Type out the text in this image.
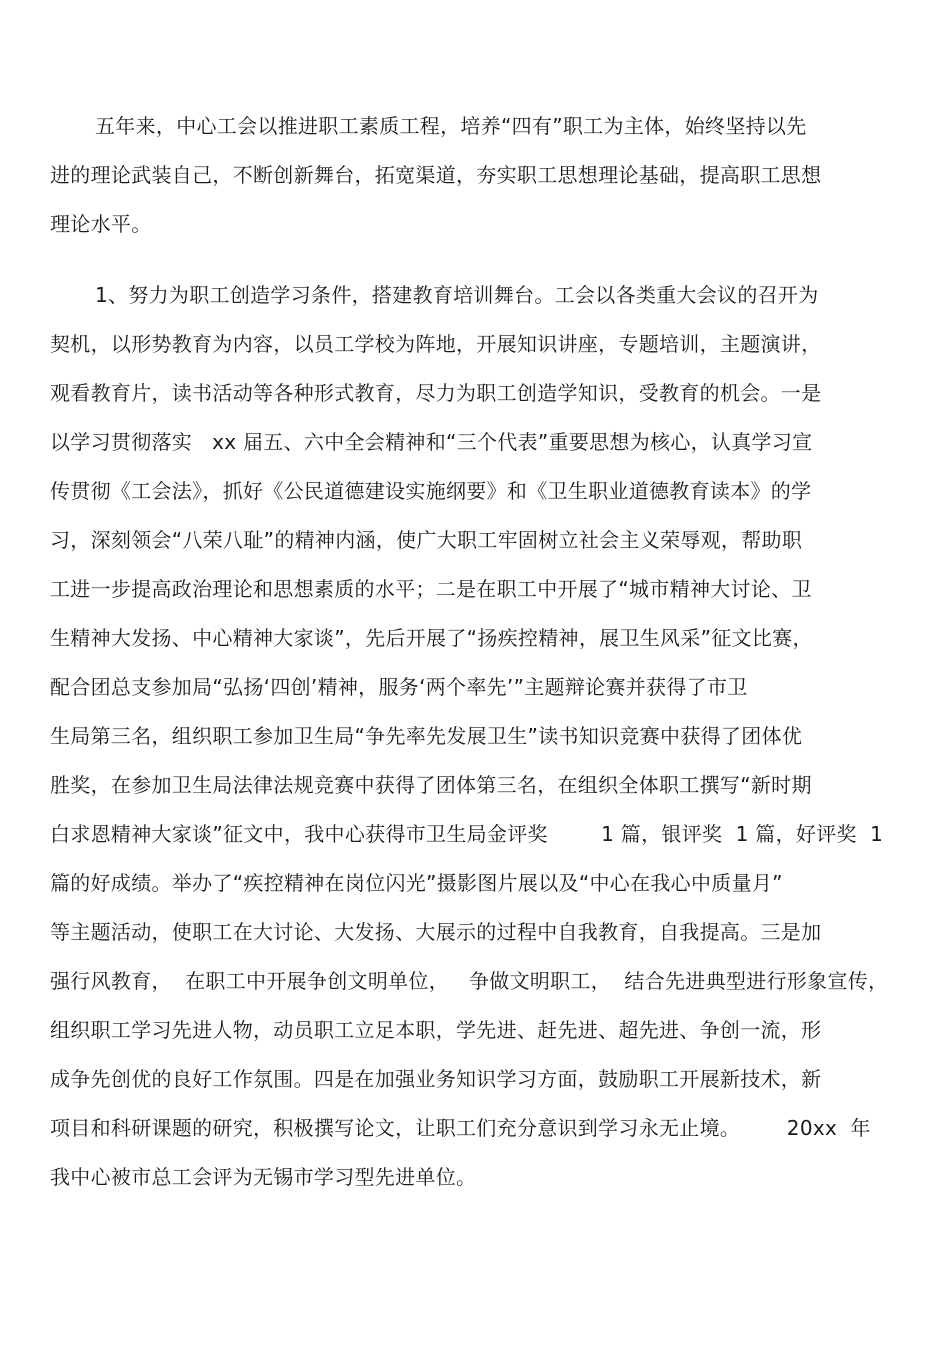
五年来，中心工会以推进职工素质工程，培养“四有”职工为主体，始终坚持以先
进的理论武装自己，不断创新舞台，拓宽渠道，夯实职工思想理论基础，提高职工思想
理论水平。
1、努力为职工创造学习条件，搭建教育培训舞台。工会以各类重大会议的召开为
契机，以形势教育为内容，以员工学校为阵地，开展知识讲座，专题培训，主题演讲，
观看教育片，读书活动等各种形式教育，尽力为职工创造学知识，受教育的机会。一是
以学习贯彻落实   xx 届五、六中全会精神和“三个代表”重要思想为核心，认真学习宣
传贯彻《工会法》，抓好《公民道德建设实施纲要》和《卫生职业道德教育读本》的学
习，深刻领会“八荣八耻”的精神内涵，使广大职工牢固树立社会主义荣辱观，帮助职
工进一步提高政治理论和思想素质的水平；二是在职工中开展了“城市精神大讨论、卫
生精神大发扬、中心精神大家谈”，先后开展了“扬疾控精神，展卫生风采”征文比赛，
配合团总支参加局“弘扬‘四创’精神，服务‘两个率先’”主题辩论赛并获得了市卫
生局第三名，组织职工参加卫生局“争先率先发展卫生”读书知识竞赛中获得了团体优
胜奖，在参加卫生局法律法规竞赛中获得了团体第三名，在组织全体职工撰写“新时期
白求恩精神大家谈”征文中，我中心获得市卫生局金评奖        1 篇，银评奖  1 篇，好评奖  1
篇的好成绩。举办了“疾控精神在岗位闪光”摄影图片展以及“中心在我心中质量月”
等主题活动，使职工在大讨论、大发扬、大展示的过程中自我教育，自我提高。三是加
强行风教育，  在职工中开展争创文明单位，   争做文明职工，  结合先进典型进行形象宣传，
组织职工学习先进人物，动员职工立足本职，学先进、赶先进、超先进、争创一流，形
成争先创优的良好工作氛围。四是在加强业务知识学习方面，鼓励职工开展新技术，新
项目和科研课题的研究，积极撰写论文，让职工们充分意识到学习永无止境。       20xx  年
我中心被市总工会评为无锡市学习型先进单位。
